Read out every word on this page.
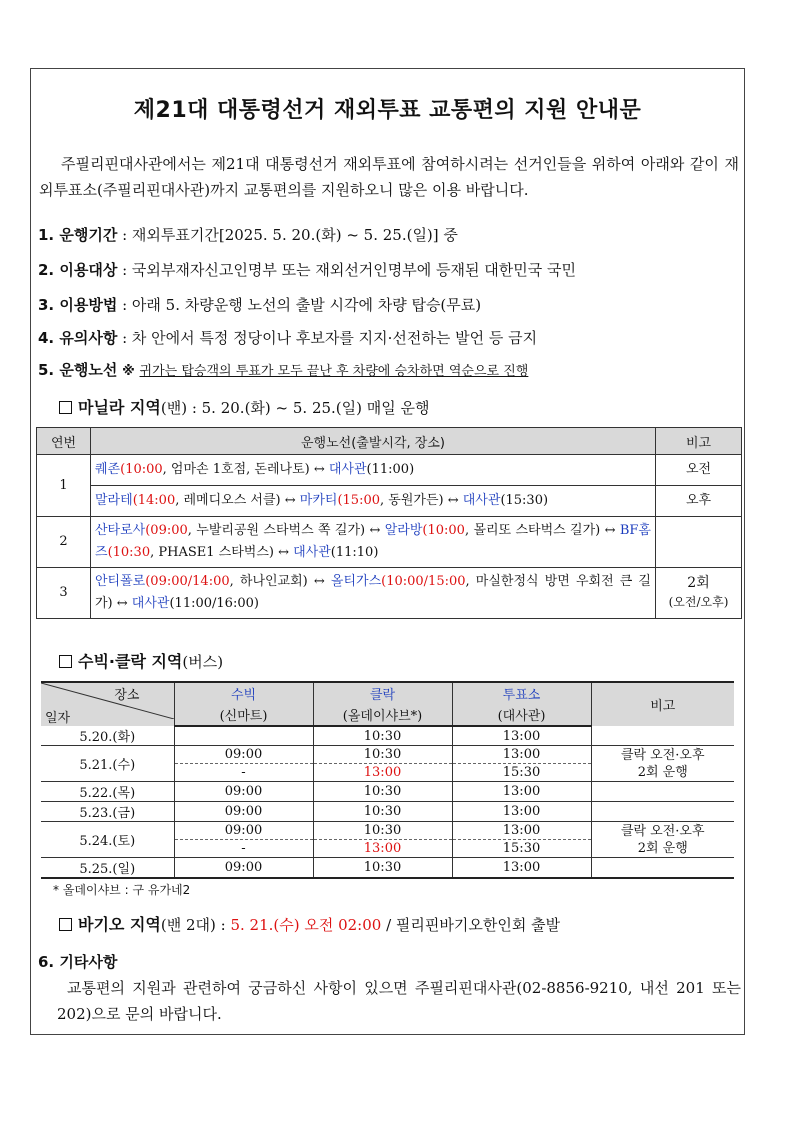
제21대 대통령선거 재외투표 교통편의 지원 안내문
주필리핀대사관에서는 제21대 대통령선거 재외투표에 참여하시려는 선거인들을 위하여 아래와 같이 재외투표소(주필리핀대사관)까지 교통편의를 지원하오니 많은 이용 바랍니다.
1. 운행기간 : 재외투표기간[2025. 5. 20.(화) ~ 5. 25.(일)] 중
2. 이용대상 : 국외부재자신고인명부 또는 재외선거인명부에 등재된 대한민국 국민
3. 이용방법 : 아래 5. 차량운행 노선의 출발 시각에 차량 탑승(무료)
4. 유의사항 : 차 안에서 특정 정당이나 후보자를 지지·선전하는 발언 등 금지
5. 운행노선 ※ 귀가는 탑승객의 투표가 모두 끝난 후 차량에 승차하면 역순으로 진행
마닐라 지역(밴) : 5. 20.(화) ~ 5. 25.(일) 매일 운행
연번	운행노선(출발시각, 장소)	비고
1	퀘존(10:00, 엄마손 1호점, 돈레나토) ↔ 대사관(11:00)	오전
	말라테(14:00, 레메디오스 서클) ↔ 마카티(15:00, 동원가든) ↔ 대사관(15:30)	오후
2	산타로사(09:00, 누발리공원 스타벅스 쪽 길가) ↔ 알라방(10:00, 몰리또 스타벅스 길가) ↔ BF홈즈(10:30, PHASE1 스타벅스) ↔ 대사관(11:10)	
3	안티폴로(09:00/14:00, 하나인교회) ↔ 올티가스(10:00/15:00, 마실한정식 방면 우회전 큰 길가) ↔ 대사관(11:00/16:00)	2회
(오전/오후)
수빅·클락 지역(버스)
장소
일자	수빅	클락	투표소	비고
	(신마트)	(올데이샤브*)	(대사관)	
5.20.(화)		10:30	13:00	
5.21.(수)	09:00	10:30	13:00	클락 오전·오후
2회 운행
	-	13:00	15:30	
5.22.(목)	09:00	10:30	13:00	
5.23.(금)	09:00	10:30	13:00	
5.24.(토)	09:00	10:30	13:00	클락 오전·오후
2회 운행
	-	13:00	15:30	
5.25.(일)	09:00	10:30	13:00	
* 올데이샤브 : 구 유가네2
바기오 지역(밴 2대) : 5. 21.(수) 오전 02:00 / 필리핀바기오한인회 출발
6. 기타사항
교통편의 지원과 관련하여 궁금하신 사항이 있으면 주필리핀대사관(02-8856-9210, 내선 201 또는 202)으로 문의 바랍니다.
